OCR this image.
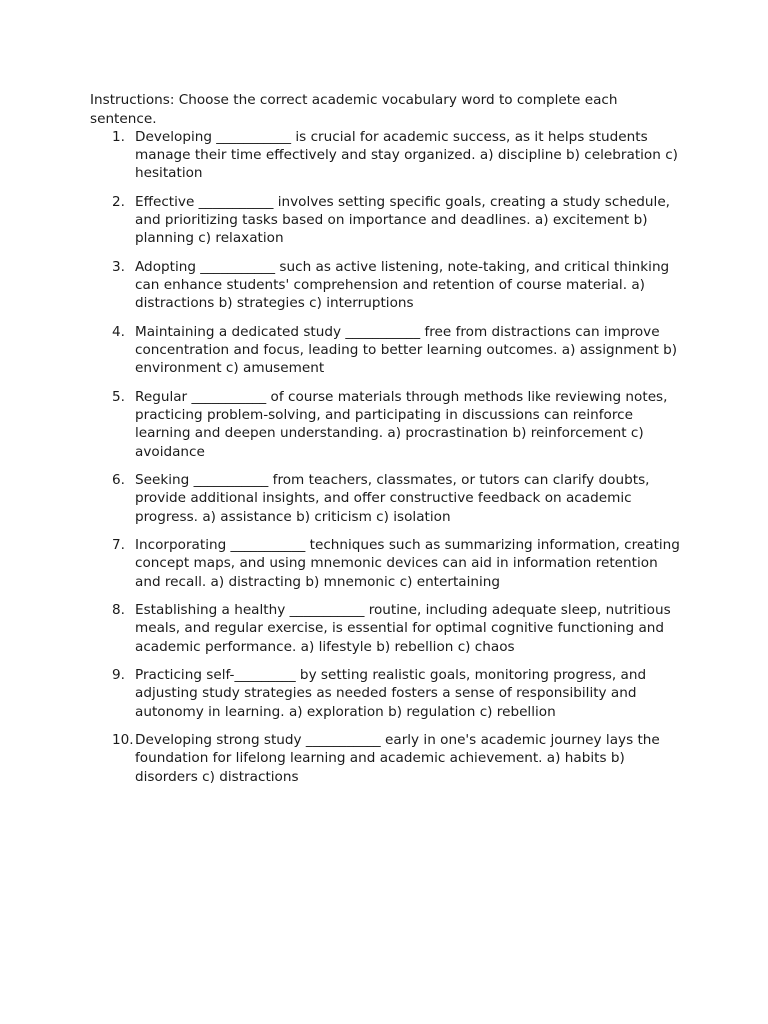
Instructions: Choose the correct academic vocabulary word to complete each sentence.

1. Developing ___________ is crucial for academic success, as it helps students manage their time effectively and stay organized. a) discipline b) celebration c) hesitation
2. Effective ___________ involves setting specific goals, creating a study schedule, and prioritizing tasks based on importance and deadlines. a) excitement b) planning c) relaxation
3. Adopting ___________ such as active listening, note-taking, and critical thinking can enhance students' comprehension and retention of course material. a) distractions b) strategies c) interruptions
4. Maintaining a dedicated study ___________ free from distractions can improve concentration and focus, leading to better learning outcomes. a) assignment b) environment c) amusement
5. Regular ___________ of course materials through methods like reviewing notes, practicing problem-solving, and participating in discussions can reinforce learning and deepen understanding. a) procrastination b) reinforcement c) avoidance
6. Seeking ___________ from teachers, classmates, or tutors can clarify doubts, provide additional insights, and offer constructive feedback on academic progress. a) assistance b) criticism c) isolation
7. Incorporating ___________ techniques such as summarizing information, creating concept maps, and using mnemonic devices can aid in information retention and recall. a) distracting b) mnemonic c) entertaining
8. Establishing a healthy ___________ routine, including adequate sleep, nutritious meals, and regular exercise, is essential for optimal cognitive functioning and academic performance. a) lifestyle b) rebellion c) chaos
9. Practicing self-_________ by setting realistic goals, monitoring progress, and adjusting study strategies as needed fosters a sense of responsibility and autonomy in learning. a) exploration b) regulation c) rebellion
10. Developing strong study ___________ early in one's academic journey lays the foundation for lifelong learning and academic achievement. a) habits b) disorders c) distractions
